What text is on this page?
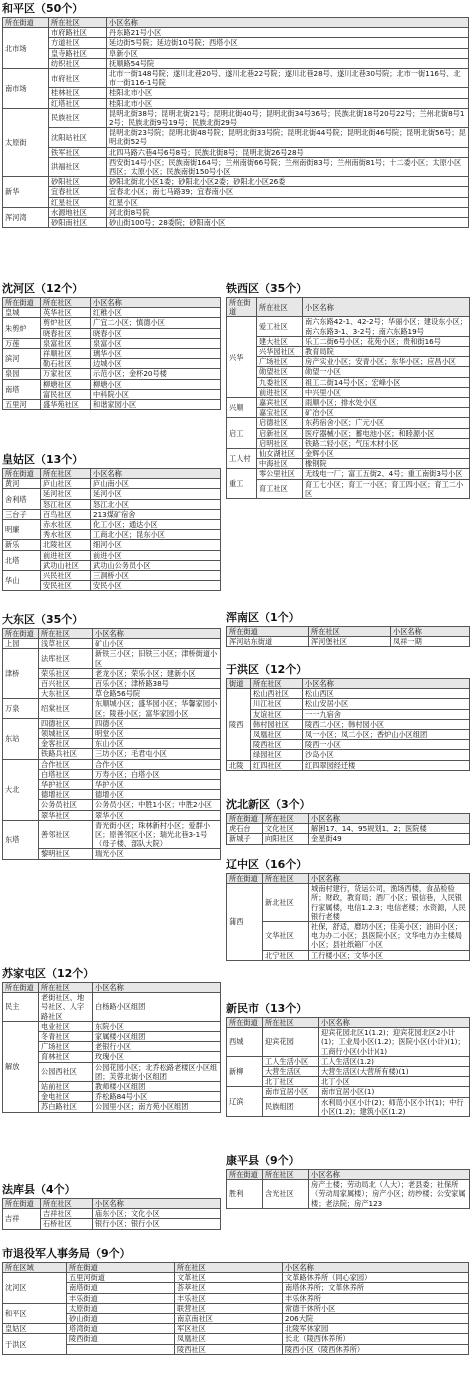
和平区（50个）
所在街道	所在社区	小区名称
北市场	市府路社区	丹东路21号小区
	方道社区	延边街5号院；延边街10号院；西塔小区
	皇寺路社区	阜新小区
	纺织社区	抚顺路54号院
南市场	市府社区	北市一街148号院；遂川北巷20号、遂川北巷22号院；遂川北巷28号、遂川北巷30号院；北市一街116号、北市一街116-1号院
	桂林社区	桂阳北市小区
	红塔社区	桂阳北市小区
太原街	民族社区	昆明北街38号；昆明北街21号；昆明北街40号；昆明北街34号36号；民族北街18号20号22号；兰州北街8号12号；民族北街9号19号；民族北街29号
	沈阳站社区	昆明北街23号院；昆明北街48号院；昆明北街33号院；昆明北街44号院；昆明北街46号院；昆明北街56号；昆明北街52号
	铁军社区	北四马路六巷4号6号8号；民族北街8号；昆明北街26号28号
	洪福社区	西安街14号小区；民族南街164号；兰州南街66号院；兰州南街83号；兰州南街81号；十二委小区；太原小区西区；太原小区；民族南街150号小区
新华	砂阳社区	砂阳北街北小区1委；砂阳北小区2委；砂阳北小区26委
	宜春社区	宜春北小区；南七马路39；宜春南小区
	红星社区	红星小区
浑河湾	水源地社区	河北街8号院
	砂阳南社区	砂山街100号；28委院；砂阳南小区
沈河区（12个）
所在街道	所在社区	小区名称
皇城	英华社区	红稚小区
朱剪炉	剪炉社区	广宜二小区；慎德小区
	晓春社区	晓春小区
万莲	泉富社区	泉富小区
滨河	祥顺社区	璃华小区
	勒石社区	边城小区
泉园	万家社区	示范小区；金杯20号楼
南塔	柳塘社区	柳塘小区
	富民社区	中科院小区
五里河	盛华苑社区	和谐家园小区
皇姑区（13个）
所在街道	所在社区	小区名称
黄河	庐山社区	庐山南小区
舍利塔	延河社区	延河小区
	怒江社区	怒江北小区
三台子	百鸟社区	213煤矿宿舍
明廉	赤水社区	化工小区；通达小区
	秀水社区	工商北小区；昆东小区
新乐	北陵社区	细河小区
北塔	前进社区	前进小区
	武功山社区	武功山公务员小区
华山	兴民社区	三洞桥小区
	安民社区	安民小区
大东区（35个）
所在街道	所在社区	小区名称
上园	浅草社区	矿山小区
津桥	法库社区	新铁三小区；旧铁三小区；津桥街道小区
	荣乐社区	老龙小区；荣乐小区；建新小区
	百兴社区	百乐小区；津桥路38号
	大东社区	草仓路56号院
万泉	绍棠社区	东顺城小区；盛华园小区；华馨家园小区；陵巷小区；富华家园小区
东站	四德社区	四德小区
	领城社区	明堂小区
	金客社区	东山小区
	铁路兵社区	三坊小区；毛君屯小区
大北	合作社区	合作小区
	白塔社区	万寿小区；白塔小区
	华护社区	华护小区
	德增社区	德增小区
	公务员社区	公务员小区；中胜1小区；中胜2小区
	翠华社区	翠华小区
东塔	善邻社区	青光街小区；珠林新村小区；爱群小区；原善邻区小区；瑞光北巷3-1号（母子楼、部队大院）
	黎明社区	瑞光小区
苏家屯区（12个）
所在街道	所在社区	小区名称
民主	老街社区、地号社区、人字路社区	白杨路小区组团
解放	电业社区	东院小区
	冬青社区	家属楼小区组团
	广场社区	老银行小区
	育林社区	玫瑰小区
	公园西社区	公园花园小区；北乔松路老楼区小区组团；芙蓉北街小区组团
	站前社区	教师楼小区组团
	金电社区	乔松路84号小区
	苏白路社区	公园里小区；南方苑小区组团
法库县（4个）
所在街道	所在社区	小区名称
吉祥	吉祥社区	庙东小区；文化小区
	石桥社区	银行小区；银行小区
铁西区（35个）
所在街道	所在社区	小区名称
兴华	爱工社区	南六东路42-1、42-2号；华丽小区；建设东小区；南六东路3-1、3-2号；南六东路19号
	建大社区	乐工二街6号小区；花苑小区；贵和街16号
	兴华园社区	教育局院
	广场社区	房产实业小区；安青小区；东华小区；应昌小区
	勋望社区	勋望一小区
	九委社区	祖工二街14号小区；宏峰小区
	前进社区	中兴里小区
兴顺	嘉宾社区	雨顺小区；排水处小区
	嘉宝社区	矿冶小区
启工	启德社区	东药宿舍小区；广元小区
	启新社区	医疗器械小区；蓄电池小区；和睦源小区
	启明社区	铁路二轻小区；气压木材小区
工人村	仙女湖社区	金辉小区
	中海社区	橡钢院
重工	零公里社区	无线电一厂；富工五街2、4号；重工南街3号小区
	育工社区	育工七小区；育工一小区；育工四小区；育工二小区
浑南区（1个）
所在街道	所在社区	小区名称
浑河站东街道	浑河堡社区	凤祥一期
于洪区（12个）
街道	所在社区	小区名称
陵西	松山西社区	松山西区
	川江社区	松山安居小区
	友谊社区	一一九宿舍
	韩村园社区	陵西二小区；韩村园小区
	凤凰社区	凤一小区；凤二小区；香炉山小区组团
	陵西社区	陵西一小区
	绿园社区	沙岛小区
北陵	红四社区	红四翠园经迁楼
沈北新区（3个）
所在街道	所在社区	小区名称
虎石台	文化社区	解困17、14、95规划1、2；医院楼
新城子	向阳社区	金星街49
辽中区（16个）
所在街道	所在社区	小区名称
蒲西	新北社区	城南村建行，货运公司，渔场西楼，食品检验所；财政，教育局；酒厂小区；银信巷，人民银行家属楼，电信1.2.3；电信老楼；水资源，人民银行老楼
	文华社区	社保，舒适，磨坊小区；佳美小区；油田小区；电力办二小区；县医院小区；文华电力办主楼局小区；县社纸箱厂小区
	北宁社区	工行楼小区；文华小区
新民市（13个）
所在街道	所在社区	小区名称
西城	迎宾花园	迎宾花园北区1(1.2)；迎宾花园北区2小计(1)；工业局小区(1.2)；医院小区(小计)(1)；工商行小区(小计)(1)
新柳	工人生活小区	工人生活区(1.2)
	大营生活区	大营生活区(大营所有楼)(1)
	北丁社区	北丁小区
辽滨	南市宜居小区	南市宜居小区(1)
	民族组团	水利局小区小计(2)；师范小区小计(1)；中行小区(1.2)；建筑小区(1.2)
康平县（9个）
所在街道	所在社区	小区名称
胜利	含光社区	房产土楼；劳动局北（人大）；老县委；社保所（劳动局家属楼）；房产小区；纺纱楼；公安家属楼；老法院；房产123
市退役军人事务局（9个）
所在区域	所在街道	所在社区	小区名称
沈河区	五里河街道	文革社区	文革路休养所（同心家园）
	南塔街道	荟萃社区	南塔休养所；文革休养所
	丰乐街道	丰乐社区	丰乐休养所
和平区	太原街道	联营社区	常德干休所小区
	砂山街道	南京南社区	206大院
皇姑区	塔湾街道	军区社区	北陵军休家园
于洪区	陵西街道	凤凰社区	长北（陵西休养所）
		陵西社区	陵西小区（陵西休养所）
